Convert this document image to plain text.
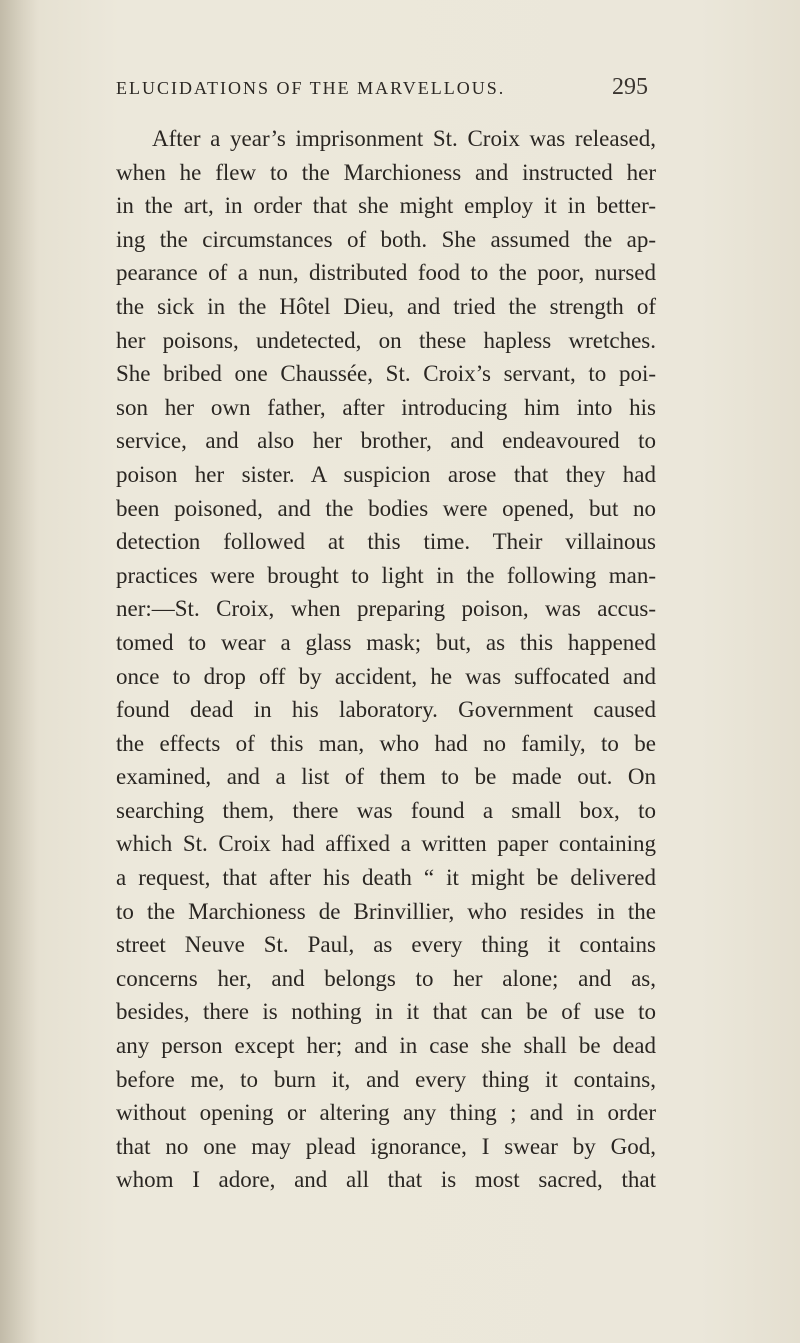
ELUCIDATIONS OF THE MARVELLOUS.	295
After a year’s imprisonment St. Croix was released,
when he flew to the Marchioness and instructed her
in the art, in order that she might employ it in better-
ing the circumstances of both. She assumed the ap-
pearance of a nun, distributed food to the poor, nursed
the sick in the Hôtel Dieu, and tried the strength of
her poisons, undetected, on these hapless wretches.
She bribed one Chaussée, St. Croix’s servant, to poi-
son her own father, after introducing him into his
service, and also her brother, and endeavoured to
poison her sister. A suspicion arose that they had
been poisoned, and the bodies were opened, but no
detection followed at this time. Their villainous
practices were brought to light in the following man-
ner:—St. Croix, when preparing poison, was accus-
tomed to wear a glass mask; but, as this happened
once to drop off by accident, he was suffocated and
found dead in his laboratory. Government caused
the effects of this man, who had no family, to be
examined, and a list of them to be made out. On
searching them, there was found a small box, to
which St. Croix had affixed a written paper containing
a request, that after his death “ it might be delivered
to the Marchioness de Brinvillier, who resides in the
street Neuve St. Paul, as every thing it contains
concerns her, and belongs to her alone; and as,
besides, there is nothing in it that can be of use to
any person except her; and in case she shall be dead
before me, to burn it, and every thing it contains,
without opening or altering any thing ; and in order
that no one may plead ignorance, I swear by God,
whom I adore, and all that is most sacred, that
